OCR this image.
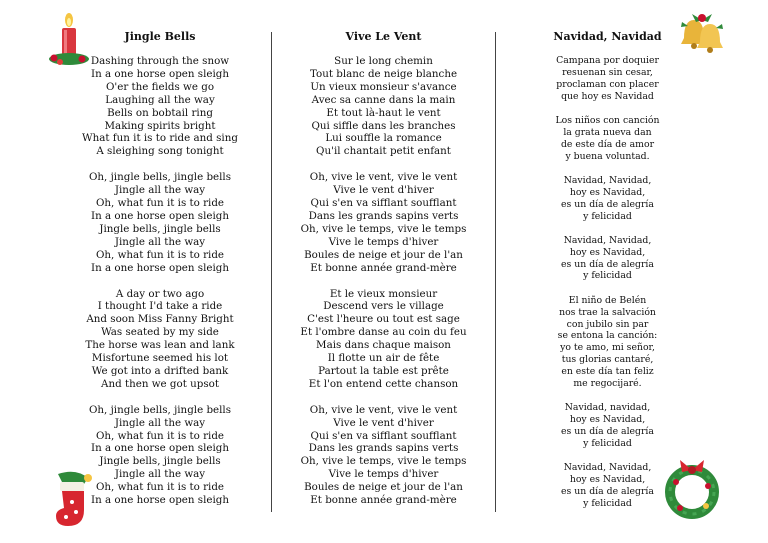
Jingle Bells
Dashing through the snow
In a one horse open sleigh
O'er the fields we go
Laughing all the way
Bells on bobtail ring
Making spirits bright
What fun it is to ride and sing
A sleighing song tonight
Oh, jingle bells, jingle bells
Jingle all the way
Oh, what fun it is to ride
In a one horse open sleigh
Jingle bells, jingle bells
Jingle all the way
Oh, what fun it is to ride
In a one horse open sleigh
A day or two ago
I thought I'd take a ride
And soon Miss Fanny Bright
Was seated by my side
The horse was lean and lank
Misfortune seemed his lot
We got into a drifted bank
And then we got upsot
Oh, jingle bells, jingle bells
Jingle all the way
Oh, what fun it is to ride
In a one horse open sleigh
Jingle bells, jingle bells
Jingle all the way
Oh, what fun it is to ride
In a one horse open sleigh
Vive Le Vent
Sur le long chemin
Tout blanc de neige blanche
Un vieux monsieur s'avance
Avec sa canne dans la main
Et tout là-haut le vent
Qui siffle dans les branches
Lui souffle la romance
Qu'il chantait petit enfant
Oh, vive le vent, vive le vent
Vive le vent d'hiver
Qui s'en va sifflant soufflant
Dans les grands sapins verts
Oh, vive le temps, vive le temps
Vive le temps d'hiver
Boules de neige et jour de l'an
Et bonne année grand-mère
Et le vieux monsieur
Descend vers le village
C'est l'heure ou tout est sage
Et l'ombre danse au coin du feu
Mais dans chaque maison
Il flotte un air de fête
Partout la table est prête
Et l'on entend cette chanson
Oh, vive le vent, vive le vent
Vive le vent d'hiver
Qui s'en va sifflant soufflant
Dans les grands sapins verts
Oh, vive le temps, vive le temps
Vive le temps d'hiver
Boules de neige et jour de l'an
Et bonne année grand-mère
Navidad, Navidad
Campana por doquier
resuenan sin cesar,
proclaman con placer
que hoy es Navidad
Los niños con canción
la grata nueva dan
de este día de amor
y buena voluntad.
Navidad, Navidad,
hoy es Navidad,
es un día de alegría
y felicidad
Navidad, Navidad,
hoy es Navidad,
es un día de alegría
y felicidad
El niño de Belén
nos trae la salvación
con jubilo sin par
se entona la canción:
yo te amo, mi señor,
tus glorias cantaré,
en este día tan feliz
me regocijaré.
Navidad, navidad,
hoy es Navidad,
es un día de alegría
y felicidad
Navidad, Navidad,
hoy es Navidad,
es un día de alegría
y felicidad
